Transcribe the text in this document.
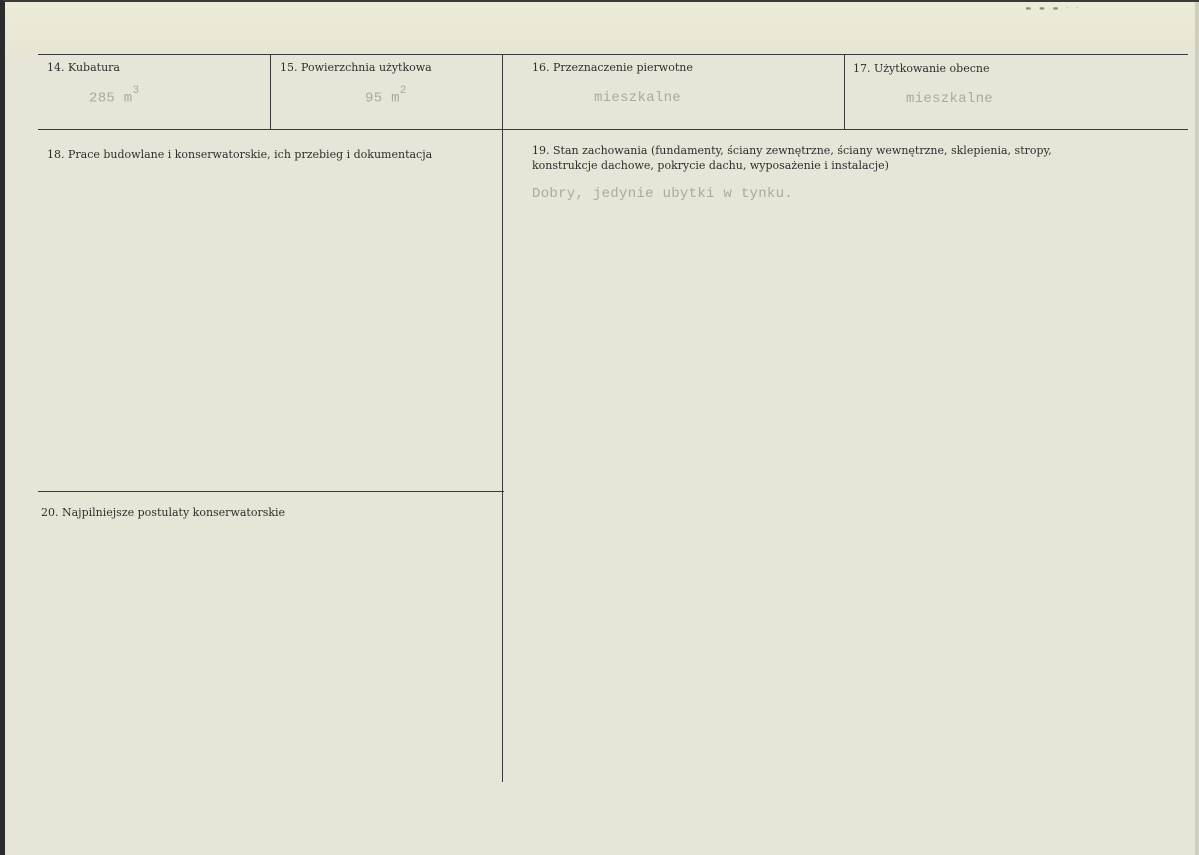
▬ ▬ ▬ · ·
14. Kubatura
285 $m^3$
15. Powierzchnia użytkowa
95 $m^2$
16. Przeznaczenie pierwotne
mieszkalne
17. Użytkowanie obecne
mieszkalne
18. Prace budowlane i konserwatorskie, ich przebieg i dokumentacja	19. Stan zachowania (fundamenty, ściany zewnętrzne, ściany wewnętrzne, sklepienia, stropy, konstrukcje dachowe, pokrycie dachu, wyposażenie i instalacje)
Dobry, jedynie ubytki w tynku.
20. Najpilniejsze postulaty konserwatorskie
